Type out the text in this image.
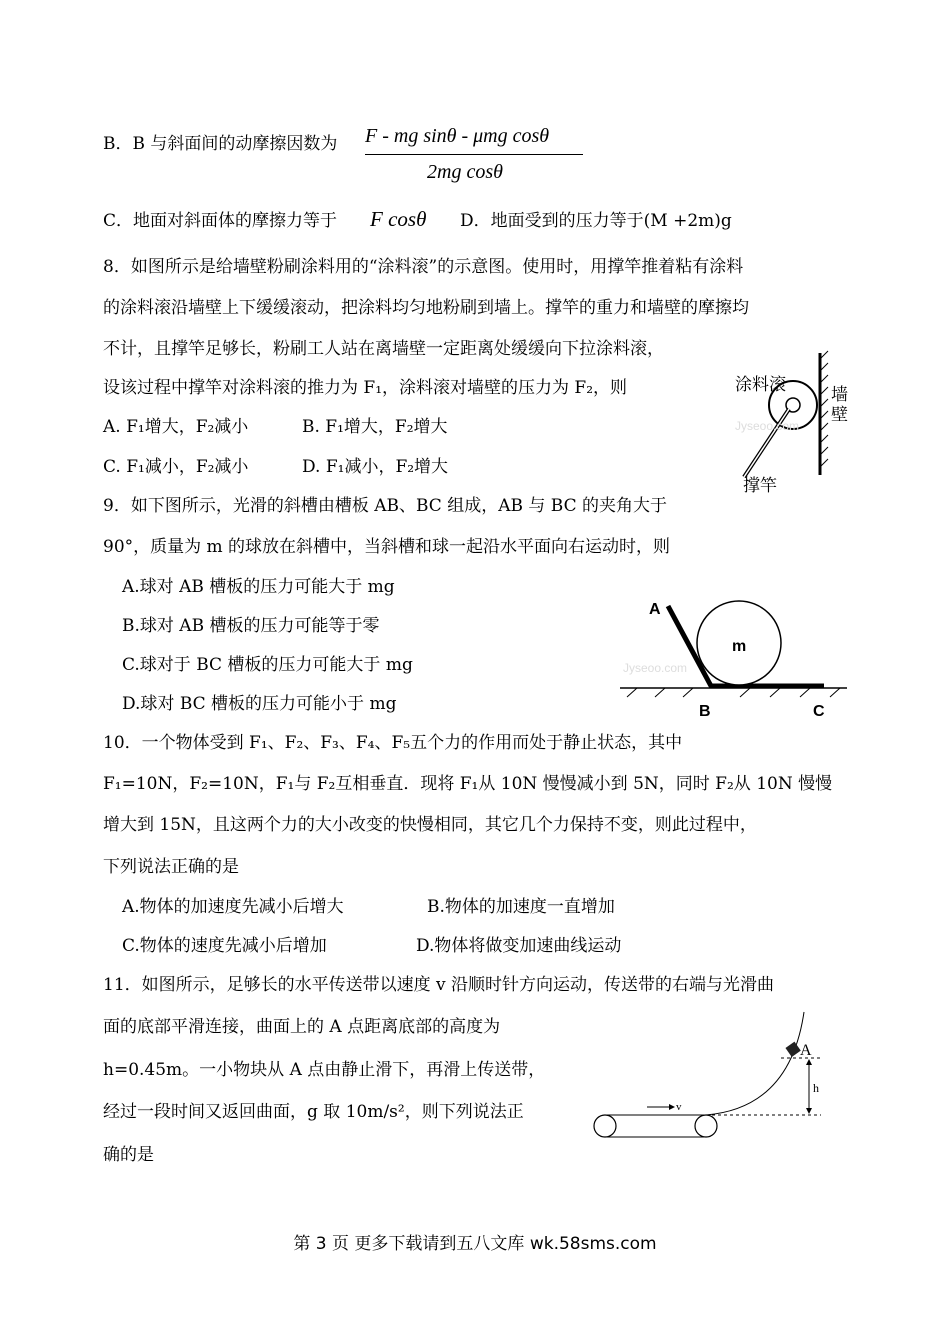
B．B 与斜面间的动摩擦因数为 F - mg sinθ - μmg cosθ
2mg cosθ
C．地面对斜面体的摩擦力等于 F cosθ D．地面受到的压力等于(M +2m)g
8．如图所示是给墙壁粉刷涂料用的“涂料滚”的示意图。使用时，用撑竿推着粘有涂料
的涂料滚沿墙壁上下缓缓滚动，把涂料均匀地粉刷到墙上。撑竿的重力和墙壁的摩擦均
不计，且撑竿足够长，粉刷工人站在离墙壁一定距离处缓缓向下拉涂料滚，
设该过程中撑竿对涂料滚的推力为 F₁，涂料滚对墙壁的压力为 F₂，则
A. F₁增大，F₂减小	B. F₁增大，F₂增大
C. F₁减小，F₂减小	D. F₁减小，F₂增大
涂料滚	墙
壁
撑竿
Jyseoo.com
9．如下图所示，光滑的斜槽由槽板 AB、BC 组成，AB 与 BC 的夹角大于
90°，质量为 m 的球放在斜槽中，当斜槽和球一起沿水平面向右运动时，则
A.球对 AB 槽板的压力可能大于 mg
B.球对 AB 槽板的压力可能等于零
C.球对于 BC 槽板的压力可能大于 mg
D.球对 BC 槽板的压力可能小于 mg
m
A
B	C
Jyseoo.com
10．一个物体受到 F₁、F₂、F₃、F₄、F₅五个力的作用而处于静止状态，其中
F₁=10N，F₂=10N，F₁与 F₂互相垂直．现将 F₁从 10N 慢慢减小到 5N，同时 F₂从 10N 慢慢
增大到 15N，且这两个力的大小改变的快慢相同，其它几个力保持不变，则此过程中，
下列说法正确的是
A.物体的加速度先减小后增大	B.物体的加速度一直增加
C.物体的速度先减小后增加	D.物体将做变加速曲线运动
11．如图所示，足够长的水平传送带以速度 v 沿顺时针方向运动，传送带的右端与光滑曲
面的底部平滑连接，曲面上的 A 点距离底部的高度为
h=0.45m。一小物块从 A 点由静止滑下，再滑上传送带，
经过一段时间又返回曲面，g 取 10m/s²，则下列说法正
确的是
v
A
h
第 3 页 更多下载请到五八文库 wk.58sms.com
